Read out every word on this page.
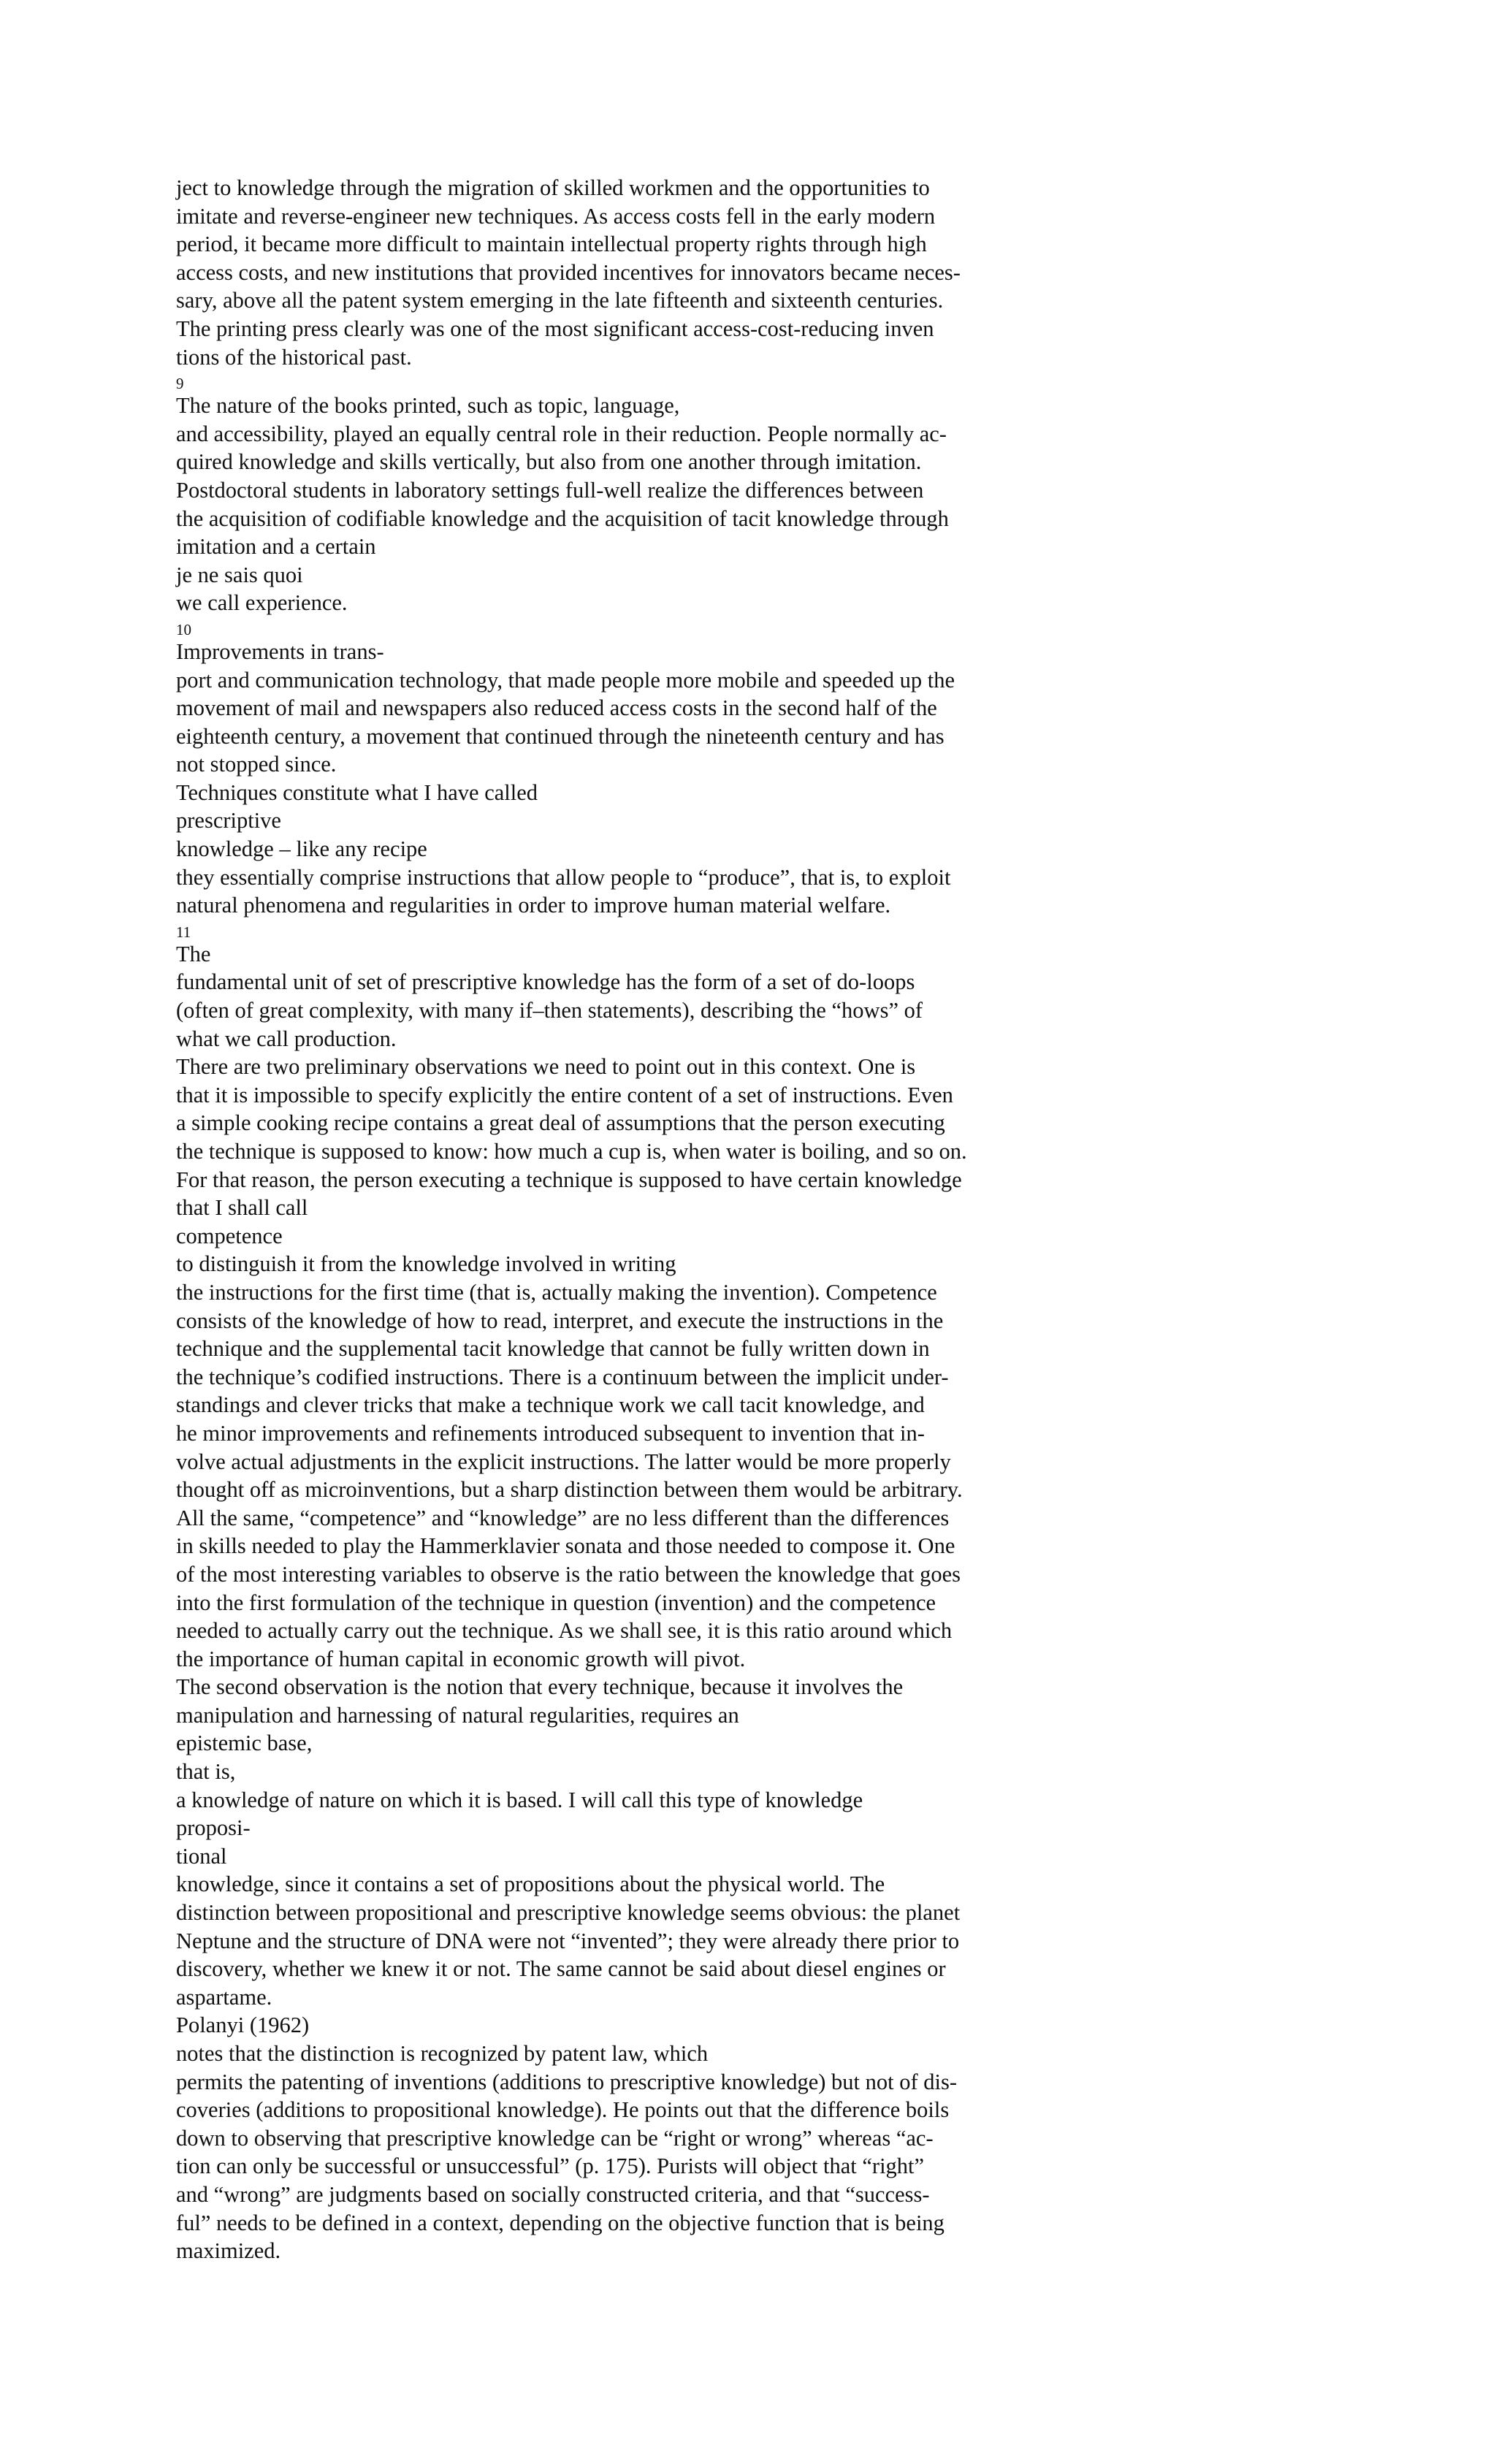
ject to knowledge through the migration of skilled workmen and the opportunities to
imitate and reverse-engineer new techniques. As access costs fell in the early modern
period, it became more difficult to maintain intellectual property rights through high
access costs, and new institutions that provided incentives for innovators became neces-
sary, above all the patent system emerging in the late fifteenth and sixteenth centuries.
The printing press clearly was one of the most significant access-cost-reducing inven
tions of the historical past.
9
The nature of the books printed, such as topic, language,
and accessibility, played an equally central role in their reduction. People normally ac-
quired knowledge and skills vertically, but also from one another through imitation.
Postdoctoral students in laboratory settings full-well realize the differences between
the acquisition of codifiable knowledge and the acquisition of tacit knowledge through
imitation and a certain
je ne sais quoi
we call experience.
10
Improvements in trans-
port and communication technology, that made people more mobile and speeded up the
movement of mail and newspapers also reduced access costs in the second half of the
eighteenth century, a movement that continued through the nineteenth century and has
not stopped since.
Techniques constitute what I have called
prescriptive
knowledge – like any recipe
they essentially comprise instructions that allow people to “produce”, that is, to exploit
natural phenomena and regularities in order to improve human material welfare.
11
The
fundamental unit of set of prescriptive knowledge has the form of a set of do-loops
(often of great complexity, with many if–then statements), describing the “hows” of
what we call production.
There are two preliminary observations we need to point out in this context. One is
that it is impossible to specify explicitly the entire content of a set of instructions. Even
a simple cooking recipe contains a great deal of assumptions that the person executing
the technique is supposed to know: how much a cup is, when water is boiling, and so on.
For that reason, the person executing a technique is supposed to have certain knowledge
that I shall call
competence
to distinguish it from the knowledge involved in writing
the instructions for the first time (that is, actually making the invention). Competence
consists of the knowledge of how to read, interpret, and execute the instructions in the
technique and the supplemental tacit knowledge that cannot be fully written down in
the technique’s codified instructions. There is a continuum between the implicit under-
standings and clever tricks that make a technique work we call tacit knowledge, and
he minor improvements and refinements introduced subsequent to invention that in-
volve actual adjustments in the explicit instructions. The latter would be more properly
thought off as microinventions, but a sharp distinction between them would be arbitrary.
All the same, “competence” and “knowledge” are no less different than the differences
in skills needed to play the Hammerklavier sonata and those needed to compose it. One
of the most interesting variables to observe is the ratio between the knowledge that goes
into the first formulation of the technique in question (invention) and the competence
needed to actually carry out the technique. As we shall see, it is this ratio around which
the importance of human capital in economic growth will pivot.
The second observation is the notion that every technique, because it involves the
manipulation and harnessing of natural regularities, requires an
epistemic base,
that is,
a knowledge of nature on which it is based. I will call this type of knowledge
proposi-
tional
knowledge, since it contains a set of propositions about the physical world. The
distinction between propositional and prescriptive knowledge seems obvious: the planet
Neptune and the structure of DNA were not “invented”; they were already there prior to
discovery, whether we knew it or not. The same cannot be said about diesel engines or
aspartame.
Polanyi (1962)
notes that the distinction is recognized by patent law, which
permits the patenting of inventions (additions to prescriptive knowledge) but not of dis-
coveries (additions to propositional knowledge). He points out that the difference boils
down to observing that prescriptive knowledge can be “right or wrong” whereas “ac-
tion can only be successful or unsuccessful” (p. 175). Purists will object that “right”
and “wrong” are judgments based on socially constructed criteria, and that “success-
ful” needs to be defined in a context, depending on the objective function that is being
maximized.
